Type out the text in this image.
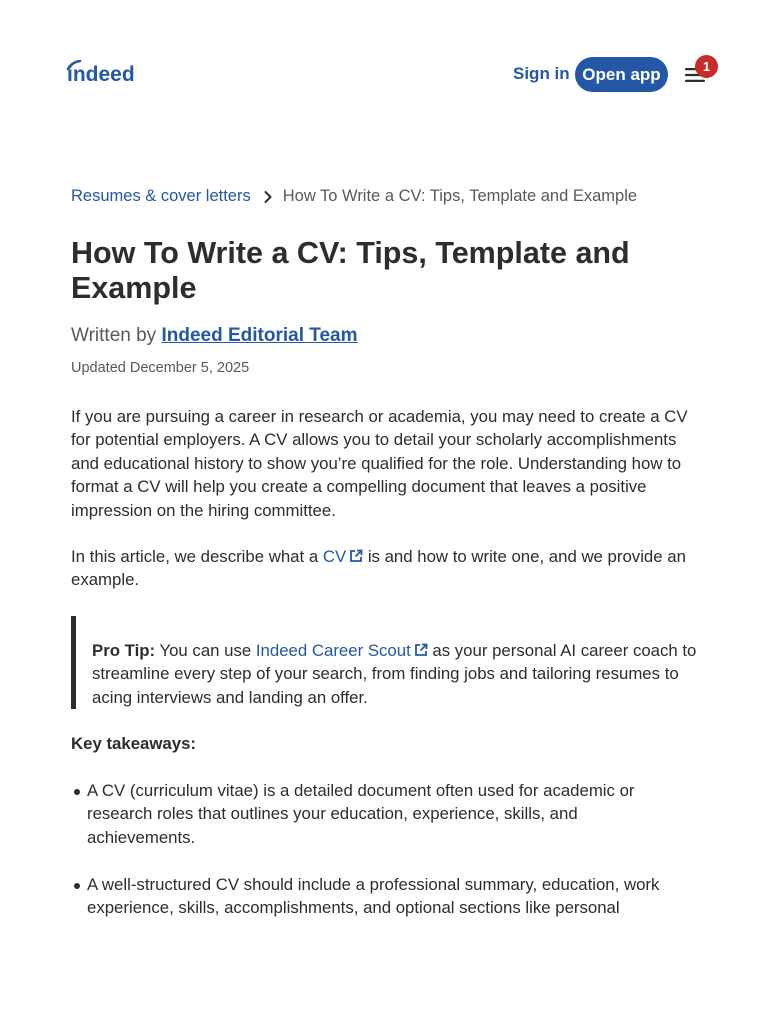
indeed	Sign in Open app	1
Resumes & cover letters How To Write a CV: Tips, Template and Example
How To Write a CV: Tips, Template and Example
Written by Indeed Editorial Team
Updated December 5, 2025

If you are pursuing a career in research or academia, you may need to create a CV for potential employers. A CV allows you to detail your scholarly accomplishments and educational history to show you’re qualified for the role. Understanding how to format a CV will help you create a compelling document that leaves a positive impression on the hiring committee.

In this article, we describe what a CV is and how to write one, and we provide an example.

Pro Tip: You can use Indeed Career Scout as your personal AI career coach to streamline every step of your search, from finding jobs and tailoring resumes to acing interviews and landing an offer.

Key takeaways:

A CV (curriculum vitae) is a detailed document often used for academic or research roles that outlines your education, experience, skills, and achievements.
A well-structured CV should include a professional summary, education, work experience, skills, accomplishments, and optional sections like personal
